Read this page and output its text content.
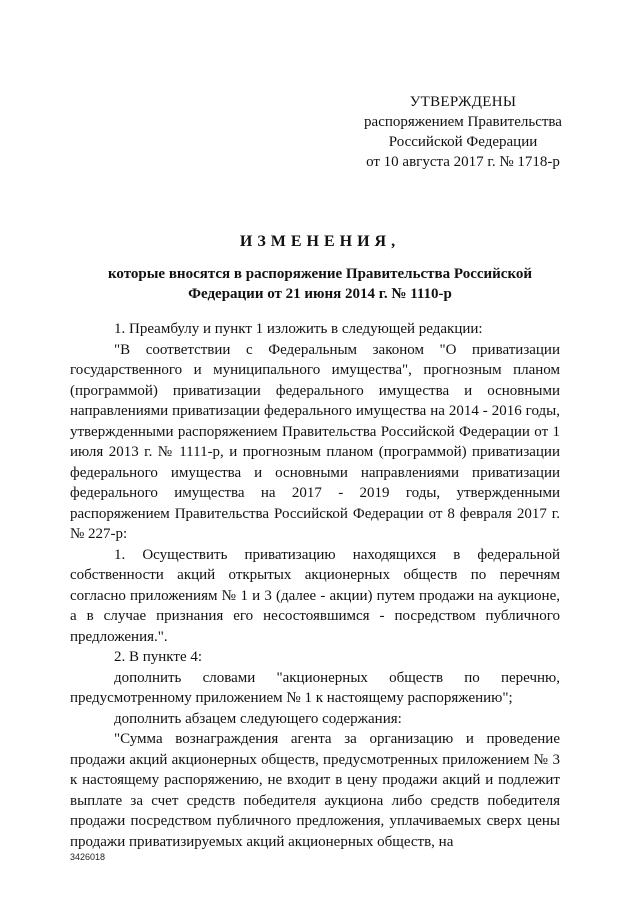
УТВЕРЖДЕНЫ
распоряжением Правительства
Российской Федерации
от 10 августа 2017 г. № 1718-р
ИЗМЕНЕНИЯ,
которые вносятся в распоряжение Правительства Российской
Федерации от 21 июня 2014 г. № 1110-р

1. Преамбулу и пункт 1 изложить в следующей редакции:

"В соответствии с Федеральным законом "О приватизации государственного и муниципального имущества", прогнозным планом (программой) приватизации федерального имущества и основными направлениями приватизации федерального имущества на 2014 - 2016 годы, утвержденными распоряжением Правительства Российской Федерации от 1 июля 2013 г. № 1111-р, и прогнозным планом (программой) приватизации федерального имущества и основными направлениями приватизации федерального имущества на 2017 - 2019 годы, утвержденными распоряжением Правительства Российской Федерации от 8 февраля 2017 г. № 227-р:

1. Осуществить приватизацию находящихся в федеральной собственности акций открытых акционерных обществ по перечням согласно приложениям № 1 и 3 (далее - акции) путем продажи на аукционе, а в случае признания его несостоявшимся - посредством публичного предложения.".

2. В пункте 4:

дополнить словами "акционерных обществ по перечню, предусмотренному приложением № 1 к настоящему распоряжению";

дополнить абзацем следующего содержания:

"Сумма вознаграждения агента за организацию и проведение продажи акций акционерных обществ, предусмотренных приложением № 3 к настоящему распоряжению, не входит в цену продажи акций и подлежит выплате за счет средств победителя аукциона либо средств победителя продажи посредством публичного предложения, уплачиваемых сверх цены продажи приватизируемых акций акционерных обществ, на

3426018
